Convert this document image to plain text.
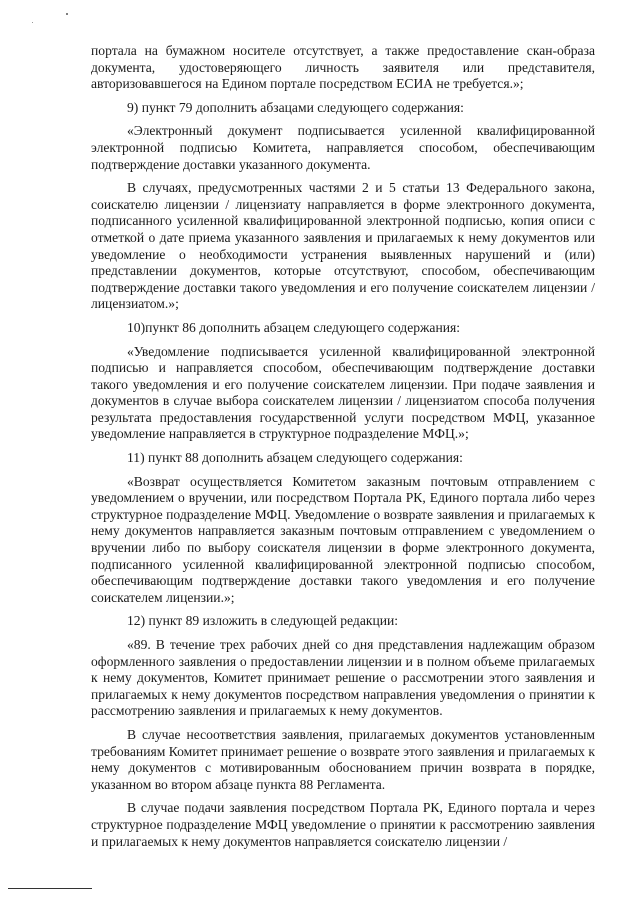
портала на бумажном носителе отсутствует, а также предоставление скан-образа документа, удостоверяющего личность заявителя или представителя, авторизовавшегося на Едином портале посредством ЕСИА не требуется.»;

9) пункт 79 дополнить абзацами следующего содержания:

«Электронный документ подписывается усиленной квалифицированной электронной подписью Комитета, направляется способом, обеспечивающим подтверждение доставки указанного документа.

В случаях, предусмотренных частями 2 и 5 статьи 13 Федерального закона, соискателю лицензии / лицензиату направляется в форме электронного документа, подписанного усиленной квалифицированной электронной подписью, копия описи с отметкой о дате приема указанного заявления и прилагаемых к нему документов или уведомление о необходимости устранения выявленных нарушений и (или) представлении документов, которые отсутствуют, способом, обеспечивающим подтверждение доставки такого уведомления и его получение соискателем лицензии / лицензиатом.»;

10)пункт 86 дополнить абзацем следующего содержания:

«Уведомление подписывается усиленной квалифицированной электронной подписью и направляется способом, обеспечивающим подтверждение доставки такого уведомления и его получение соискателем лицензии. При подаче заявления и документов в случае выбора соискателем лицензии / лицензиатом способа получения результата предоставления государственной услуги посредством МФЦ, указанное уведомление направляется в структурное подразделение МФЦ.»;

11) пункт 88 дополнить абзацем следующего содержания:

«Возврат осуществляется Комитетом заказным почтовым отправлением с уведомлением о вручении, или посредством Портала РК, Единого портала либо через структурное подразделение МФЦ. Уведомление о возврате заявления и прилагаемых к нему документов направляется заказным почтовым отправлением с уведомлением о вручении либо по выбору соискателя лицензии в форме электронного документа, подписанного усиленной квалифицированной электронной подписью способом, обеспечивающим подтверждение доставки такого уведомления и его получение соискателем лицензии.»;

12) пункт 89 изложить в следующей редакции:

«89. В течение трех рабочих дней со дня представления надлежащим образом оформленного заявления о предоставлении лицензии и в полном объеме прилагаемых к нему документов, Комитет принимает решение о рассмотрении этого заявления и прилагаемых к нему документов посредством направления уведомления о принятии к рассмотрению заявления и прилагаемых к нему документов.

В случае несоответствия заявления, прилагаемых документов установленным требованиям Комитет принимает решение о возврате этого заявления и прилагаемых к нему документов с мотивированным обоснованием причин возврата в порядке, указанном во втором абзаце пункта 88 Регламента.

В случае подачи заявления посредством Портала РК, Единого портала и через структурное подразделение МФЦ уведомление о принятии к рассмотрению заявления и прилагаемых к нему документов направляется соискателю лицензии /
